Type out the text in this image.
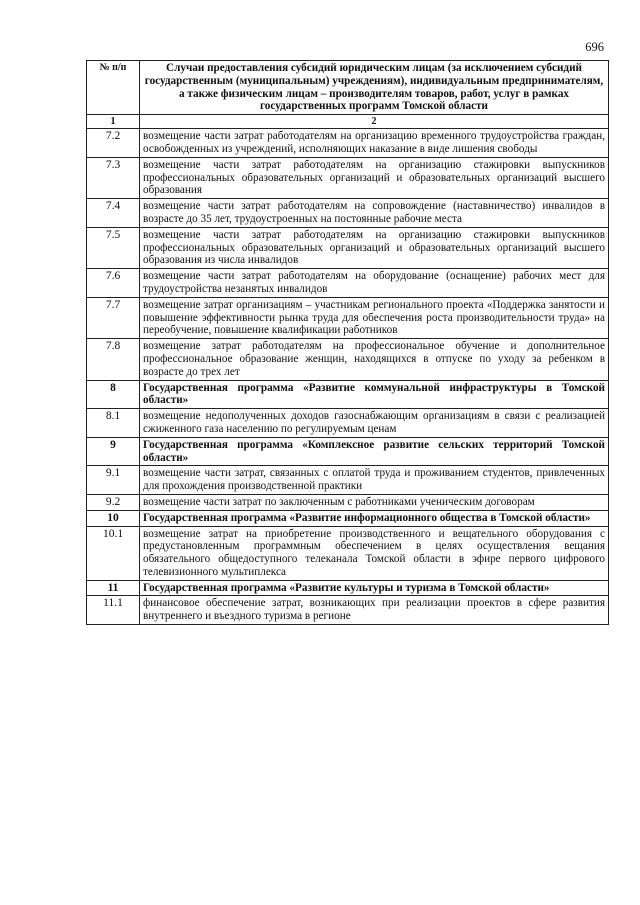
696
№ п/п	Случаи предоставления субсидий юридическим лицам (за исключением субсидий государственным (муниципальным) учреждениям), индивидуальным предпринимателям, а также физическим лицам – производителям товаров, работ, услуг в рамках государственных программ Томской области
1	2
7.2	возмещение части затрат работодателям на организацию временного трудоустройства граждан, освобожденных из учреждений, исполняющих наказание в виде лишения свободы
7.3	возмещение части затрат работодателям на организацию стажировки выпускников профессиональных образовательных организаций и образовательных организаций высшего образования
7.4	возмещение части затрат работодателям на сопровождение (наставничество) инвалидов в возрасте до 35 лет, трудоустроенных на постоянные рабочие места
7.5	возмещение части затрат работодателям на организацию стажировки выпускников профессиональных образовательных организаций и образовательных организаций высшего образования из числа инвалидов
7.6	возмещение части затрат работодателям на оборудование (оснащение) рабочих мест для трудоустройства незанятых инвалидов
7.7	возмещение затрат организациям – участникам регионального проекта «Поддержка занятости и повышение эффективности рынка труда для обеспечения роста производительности труда» на переобучение, повышение квалификации работников
7.8	возмещение затрат работодателям на профессиональное обучение и дополнительное профессиональное образование женщин, находящихся в отпуске по уходу за ребенком в возрасте до трех лет
8	Государственная программа «Развитие коммунальной инфраструктуры в Томской области»
8.1	возмещение недополученных доходов газоснабжающим организациям в связи с реализацией сжиженного газа населению по регулируемым ценам
9	Государственная программа «Комплексное развитие сельских территорий Томской области»
9.1	возмещение части затрат, связанных с оплатой труда и проживанием студентов, привлеченных для прохождения производственной практики
9.2	возмещение части затрат по заключенным с работниками ученическим договорам
10	Государственная программа «Развитие информационного общества в Томской области»
10.1	возмещение затрат на приобретение производственного и вещательного оборудования с предустановленным программным обеспечением в целях осуществления вещания обязательного общедоступного телеканала Томской области в эфире первого цифрового телевизионного мультиплекса
11	Государственная программа «Развитие культуры и туризма в Томской области»
11.1	финансовое обеспечение затрат, возникающих при реализации проектов в сфере развития внутреннего и въездного туризма в регионе
